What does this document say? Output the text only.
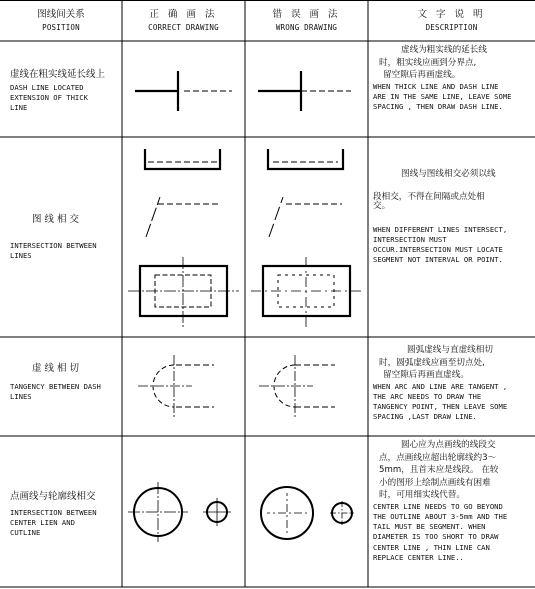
图线间关系
POSITION
正 确 画 法
CORRECT DRAWING
错 误 画 法
WRONG DRAWING
文 字 说 明
DESCRIPTION
虚线在粗实线延长线上
DASH LINE LOCATED
EXTENSION OF THICK
LINE
虚线为粗实线的延长线
时，粗实线应画到分界点,
留空隙后再画虚线。
WHEN THICK LINE AND DASH LINE
ARE IN THE SAME LINE, LEAVE SOME
SPACING , THEN DRAW DASH LINE.
图 线 相 交
INTERSECTION BETWEEN
LINES
图线与图线相交必须以线
段相交，不得在间隔或点处相
交。
WHEN DIFFERENT LINES INTERSECT,
INTERSECTION MUST
OCCUR.INTERSECTION MUST LOCATE
SEGMENT NOT INTERVAL OR POINT.
虚 线 相 切
TANGENCY BETWEEN DASH
LINES
圆弧虚线与直虚线相切
时，圆弧虚线应画至切点处,
留空隙后再画直虚线。
WHEN ARC AND LINE ARE TANGENT ,
THE ARC NEEDS TO DRAW THE
TANGENCY POINT, THEN LEAVE SOME
SPACING ,LAST DRAW LINE.
点画线与轮廓线相交
INTERSECTION BETWEEN
CENTER LIEN AND
CUTLINE
圆心应为点画线的线段交
点，点画线应超出轮廓线约3～
5mm，且首末应是线段。 在较
小的图形上绘制点画线有困难
时，可用细实线代替。
CENTER LINE NEEDS TO GO BEYOND
THE OUTLINE ABOUT 3-5mm AND THE
TAIL MUST BE SEGMENT. WHEN
DIAMETER IS TOO SHORT TO DRAW
CENTER LINE , THIN LINE CAN
REPLACE CENTER LINE..
